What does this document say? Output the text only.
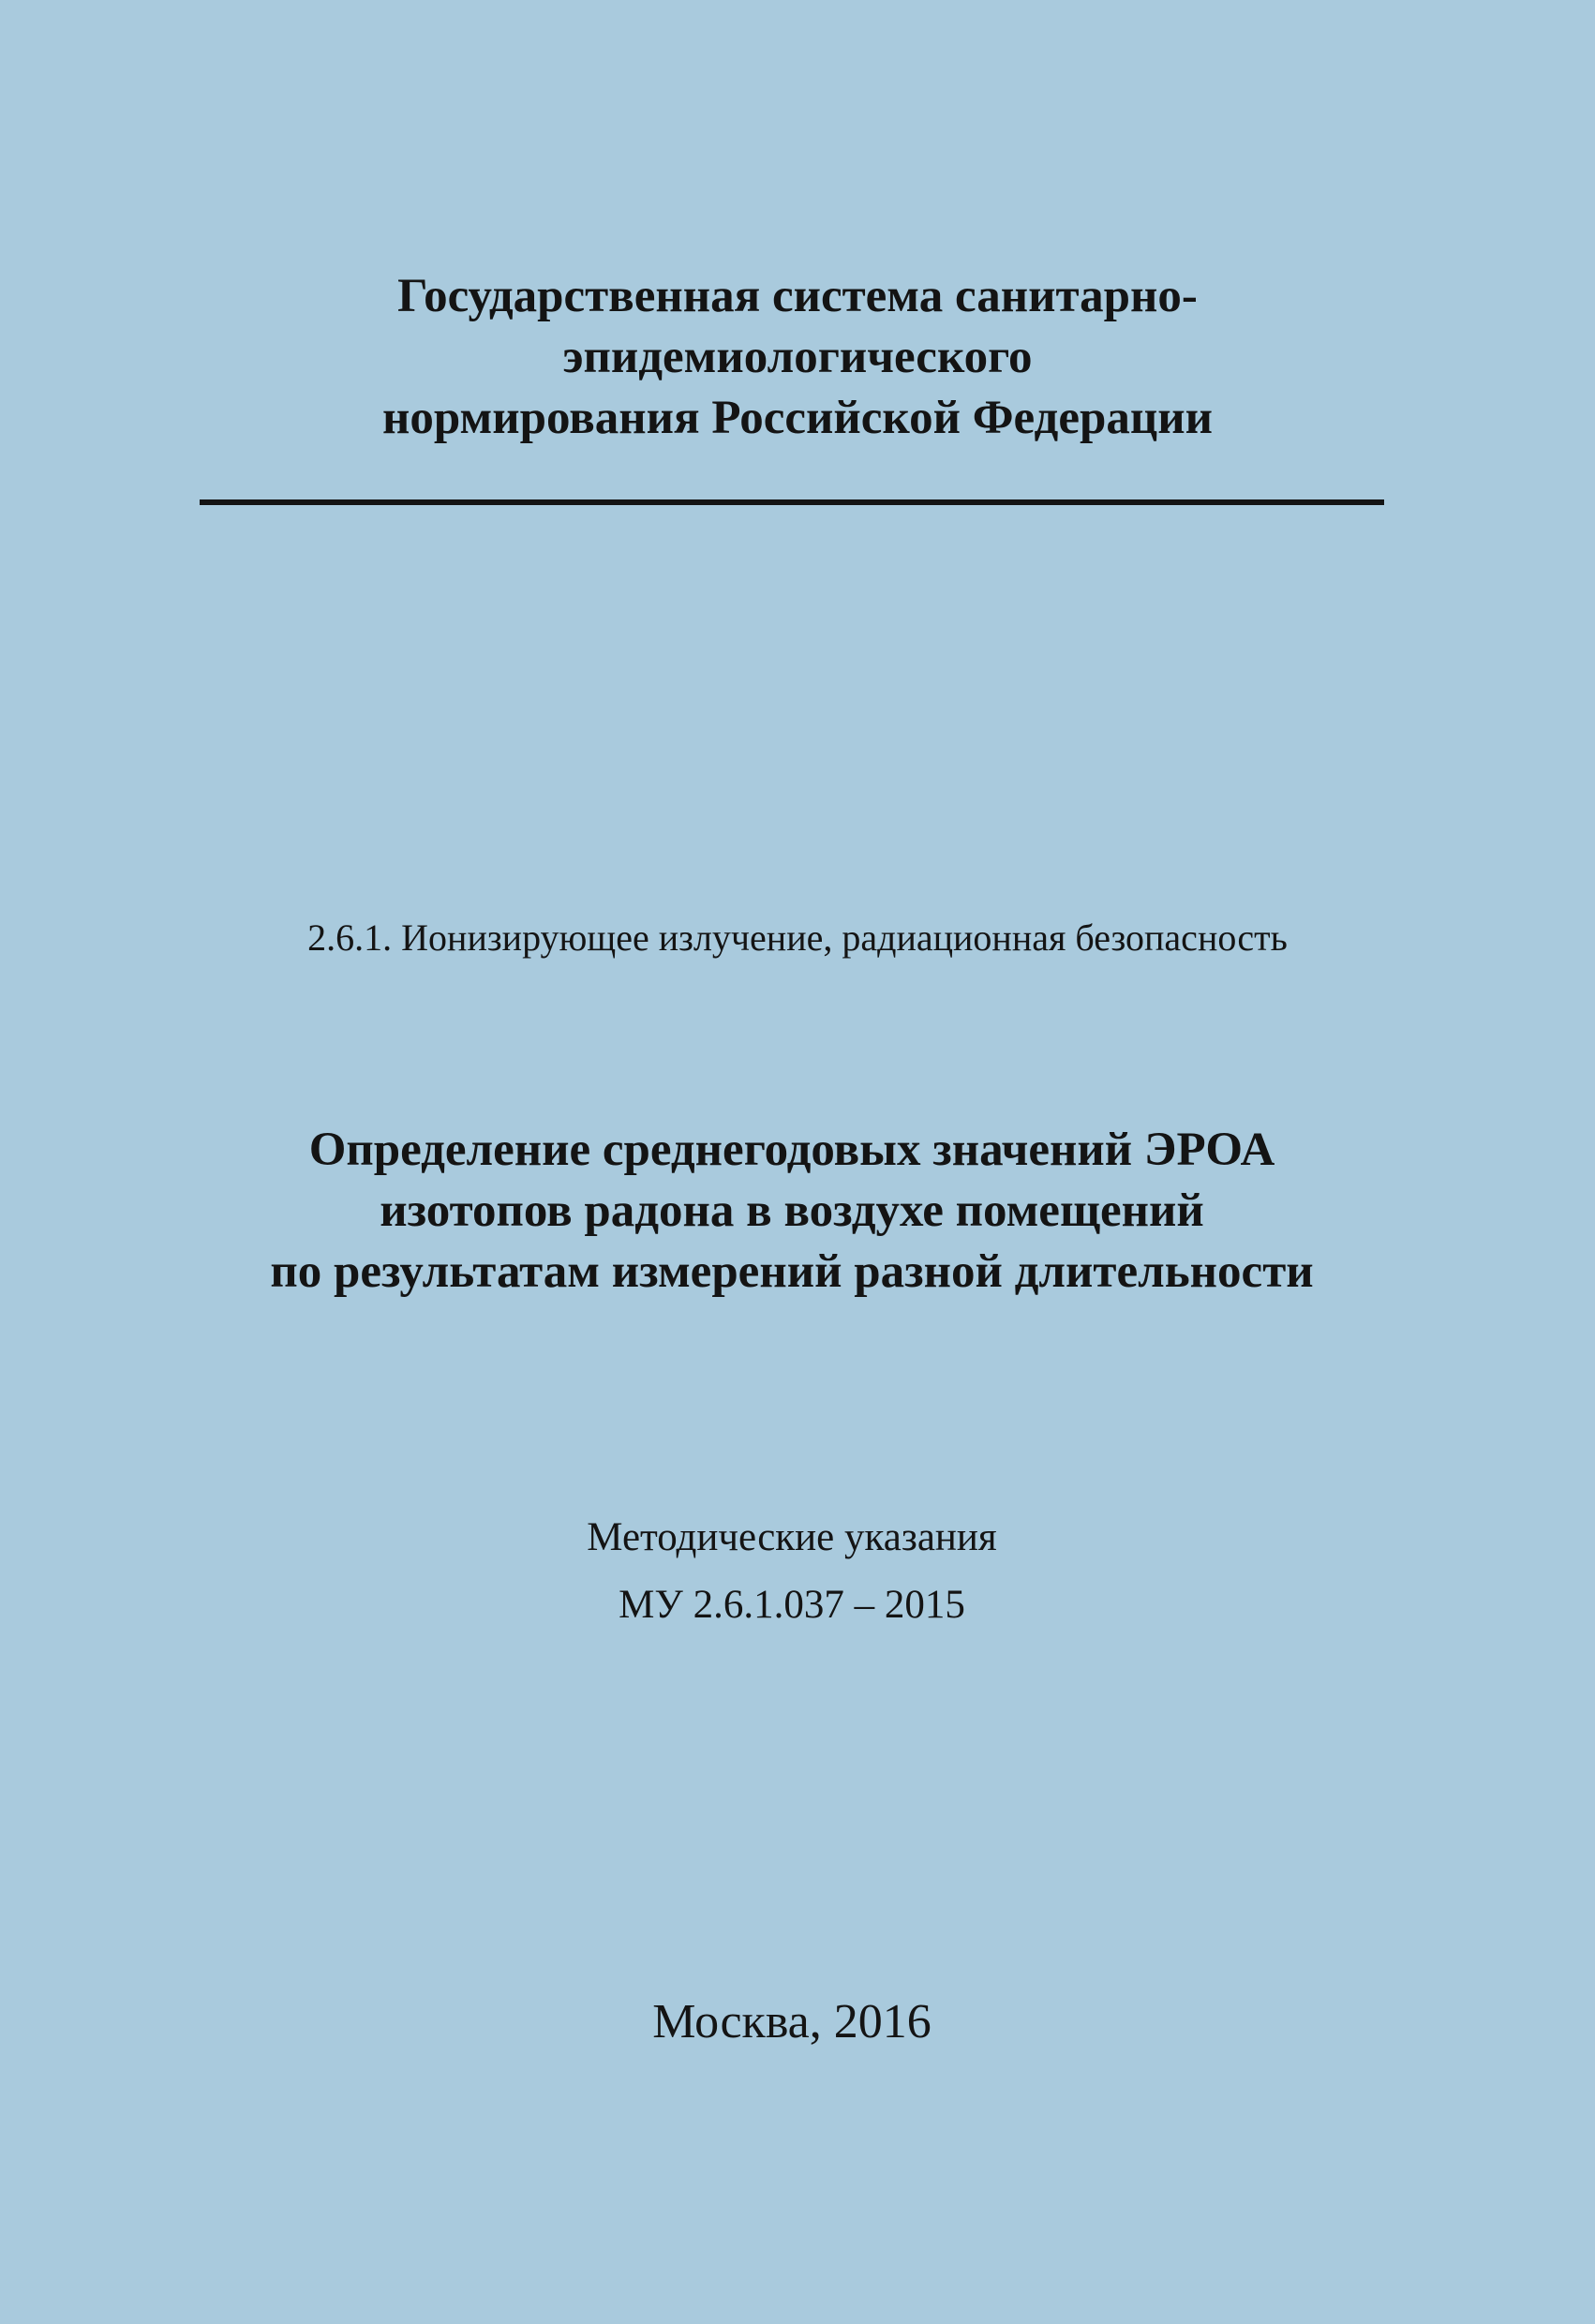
Государственная система санитарно-
эпидемиологического
нормирования Российской Федерации
2.6.1. Ионизирующее излучение, радиационная безопасность
Определение среднегодовых значений ЭРОА
изотопов радона в воздухе помещений
по результатам измерений разной длительности
Методические указания
МУ 2.6.1.037 – 2015
Москва, 2016
